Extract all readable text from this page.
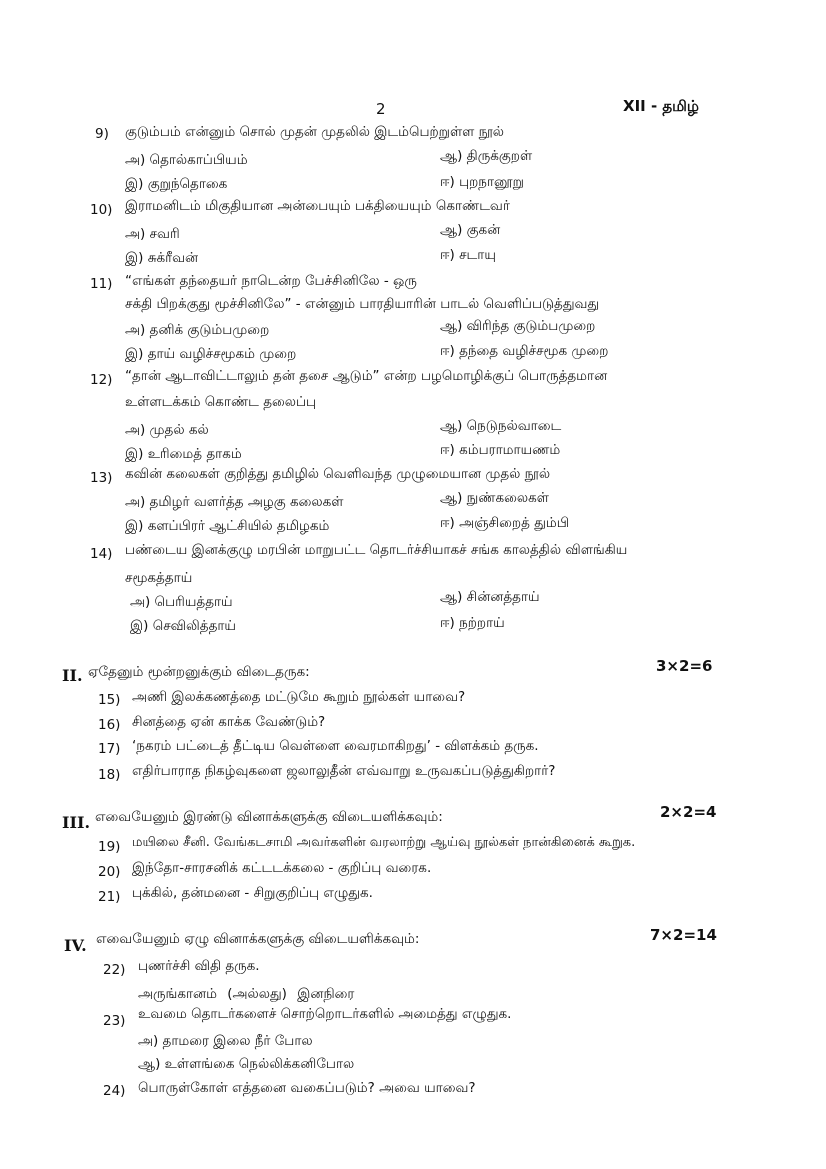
2	XII - தமிழ்
9) குடும்பம் என்னும் சொல் முதன் முதலில் இடம்பெற்றுள்ள நூல்
அ) தொல்காப்பியம்	ஆ) திருக்குறள்
இ) குறுந்தொகை	ஈ) புறநானூறு
10) இராமனிடம் மிகுதியான அன்பையும் பக்தியையும் கொண்டவர்
அ) சவரி	ஆ) குகன்
இ) சுக்ரீவன்	ஈ) சடாயு
11) “எங்கள் தந்தையர் நாடென்ற பேச்சினிலே - ஒரு
சக்தி பிறக்குது மூச்சினிலே” - என்னும் பாரதியாரின் பாடல் வெளிப்படுத்துவது
அ) தனிக் குடும்பமுறை	ஆ) விரிந்த குடும்பமுறை
இ) தாய் வழிச்சமூகம் முறை	ஈ) தந்தை வழிச்சமூக முறை
12) “தான் ஆடாவிட்டாலும் தன் தசை ஆடும்” என்ற பழமொழிக்குப் பொருத்தமான
உள்ளடக்கம் கொண்ட தலைப்பு
அ) முதல் கல்	ஆ) நெடுநல்வாடை
இ) உரிமைத் தாகம்	ஈ) கம்பராமாயணம்
13) கவின் கலைகள் குறித்து தமிழில் வெளிவந்த முழுமையான முதல் நூல்
அ) தமிழர் வளர்த்த அழகு கலைகள்	ஆ) நுண்கலைகள்
இ) களப்பிரர் ஆட்சியில் தமிழகம்	ஈ) அஞ்சிறைத் தும்பி
14) பண்டைய இனக்குழு மரபின் மாறுபட்ட தொடர்ச்சியாகச் சங்க காலத்தில் விளங்கிய
சமூகத்தாய்
அ) பெரியத்தாய்	ஆ) சின்னத்தாய்
இ) செவிலித்தாய்	ஈ) நற்றாய்
II. ஏதேனும் மூன்றனுக்கும் விடைதருக:	3×2=6
15) அணி இலக்கணத்தை மட்டுமே கூறும் நூல்கள் யாவை?
16) சினத்தை ஏன் காக்க வேண்டும்?
17) ‘நகரம் பட்டைத் தீட்டிய வெள்ளை வைரமாகிறது’ - விளக்கம் தருக.
18) எதிர்பாராத நிகழ்வுகளை ஜலாலுதீன் எவ்வாறு உருவகப்படுத்துகிறார்?
III. எவையேனும் இரண்டு வினாக்களுக்கு விடையளிக்கவும்:	2×2=4
19) மயிலை சீனி. வேங்கடசாமி அவர்களின் வரலாற்று ஆய்வு நூல்கள் நான்கினைக் கூறுக.
20) இந்தோ-சாரசனிக் கட்டடக்கலை - குறிப்பு வரைக.
21) புக்கில், தன்மனை - சிறுகுறிப்பு எழுதுக.
IV. எவையேனும் ஏழு வினாக்களுக்கு விடையளிக்கவும்:	7×2=14
22) புணர்ச்சி விதி தருக.
அருங்கானம் (அல்லது) இனநிரை
23) உவமை தொடர்களைச் சொற்றொடர்களில் அமைத்து எழுதுக.
அ) தாமரை இலை நீர் போல
ஆ) உள்ளங்கை நெல்லிக்கனிபோல
24) பொருள்கோள் எத்தனை வகைப்படும்? அவை யாவை?
